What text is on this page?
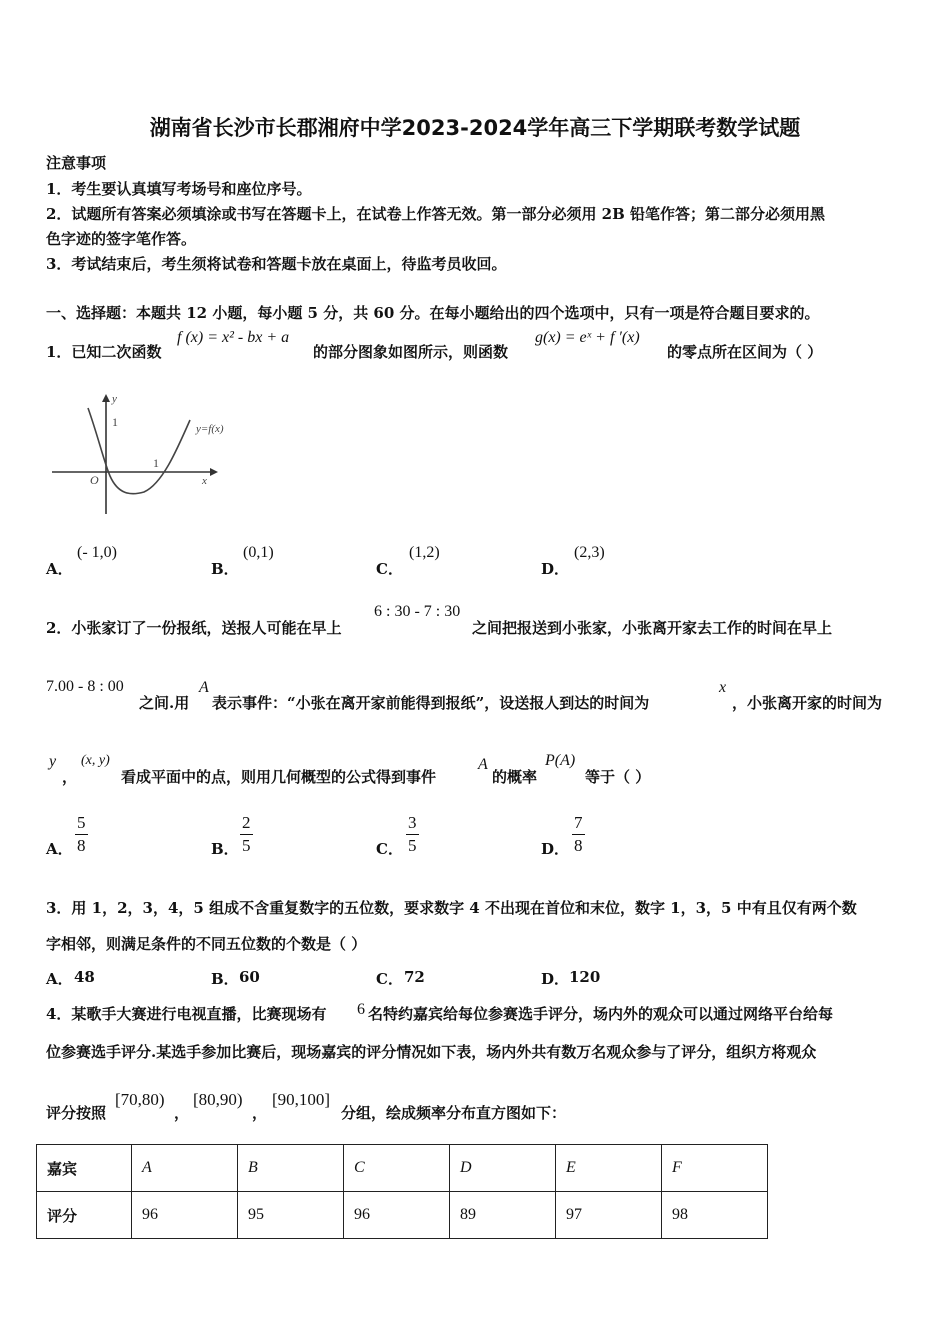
湖南省长沙市长郡湘府中学2023-2024学年高三下学期联考数学试题
注意事项
1．考生要认真填写考场号和座位序号。
2．试题所有答案必须填涂或书写在答题卡上，在试卷上作答无效。第一部分必须用 2B 铅笔作答；第二部分必须用黑
色字迹的签字笔作答。
3．考试结束后，考生须将试卷和答题卡放在桌面上，待监考员收回。
一、选择题：本题共 12 小题，每小题 5 分，共 60 分。在每小题给出的四个选项中，只有一项是符合题目要求的。
1．已知二次函数
f (x) = x² - bx + a
的部分图象如图所示，则函数
g(x) = eˣ + f ′(x)
的零点所在区间为（ ）
y
1
1
O	x
y=f(x)
A．
(- 1,0)
B．
(0,1)
C．
(1,2)
D．
(2,3)
2．小张家订了一份报纸，送报人可能在早上
6 : 30 - 7 : 30
之间把报送到小张家，小张离开家去工作的时间在早上
7.00 - 8 : 00
之间.用
A
表示事件：“小张在离开家前能得到报纸”，设送报人到达的时间为
x
，小张离开家的时间为
y
，
(x, y)
看成平面中的点，则用几何概型的公式得到事件
A
的概率
P(A)
等于（ ）
A． $\frac{5}{8}$	B． $\frac{2}{5}$	C． $\frac{3}{5}$	D． $\frac{7}{8}$
3．用 1，2，3，4，5 组成不含重复数字的五位数，要求数字 4 不出现在首位和末位，数字 1，3，5 中有且仅有两个数
字相邻，则满足条件的不同五位数的个数是（ ）
A． 48	B． 60	C． 72	D． 120
4．某歌手大赛进行电视直播，比赛现场有 6 名特约嘉宾给每位参赛选手评分，场内外的观众可以通过网络平台给每
位参赛选手评分.某选手参加比赛后，现场嘉宾的评分情况如下表，场内外共有数万名观众参与了评分，组织方将观众
评分按照
[70,80)
，
[80,90)
，
[90,100]
分组，绘成频率分布直方图如下：
嘉宾	A	B	C	D	E	F
评分	96	95	96	89	97	98
